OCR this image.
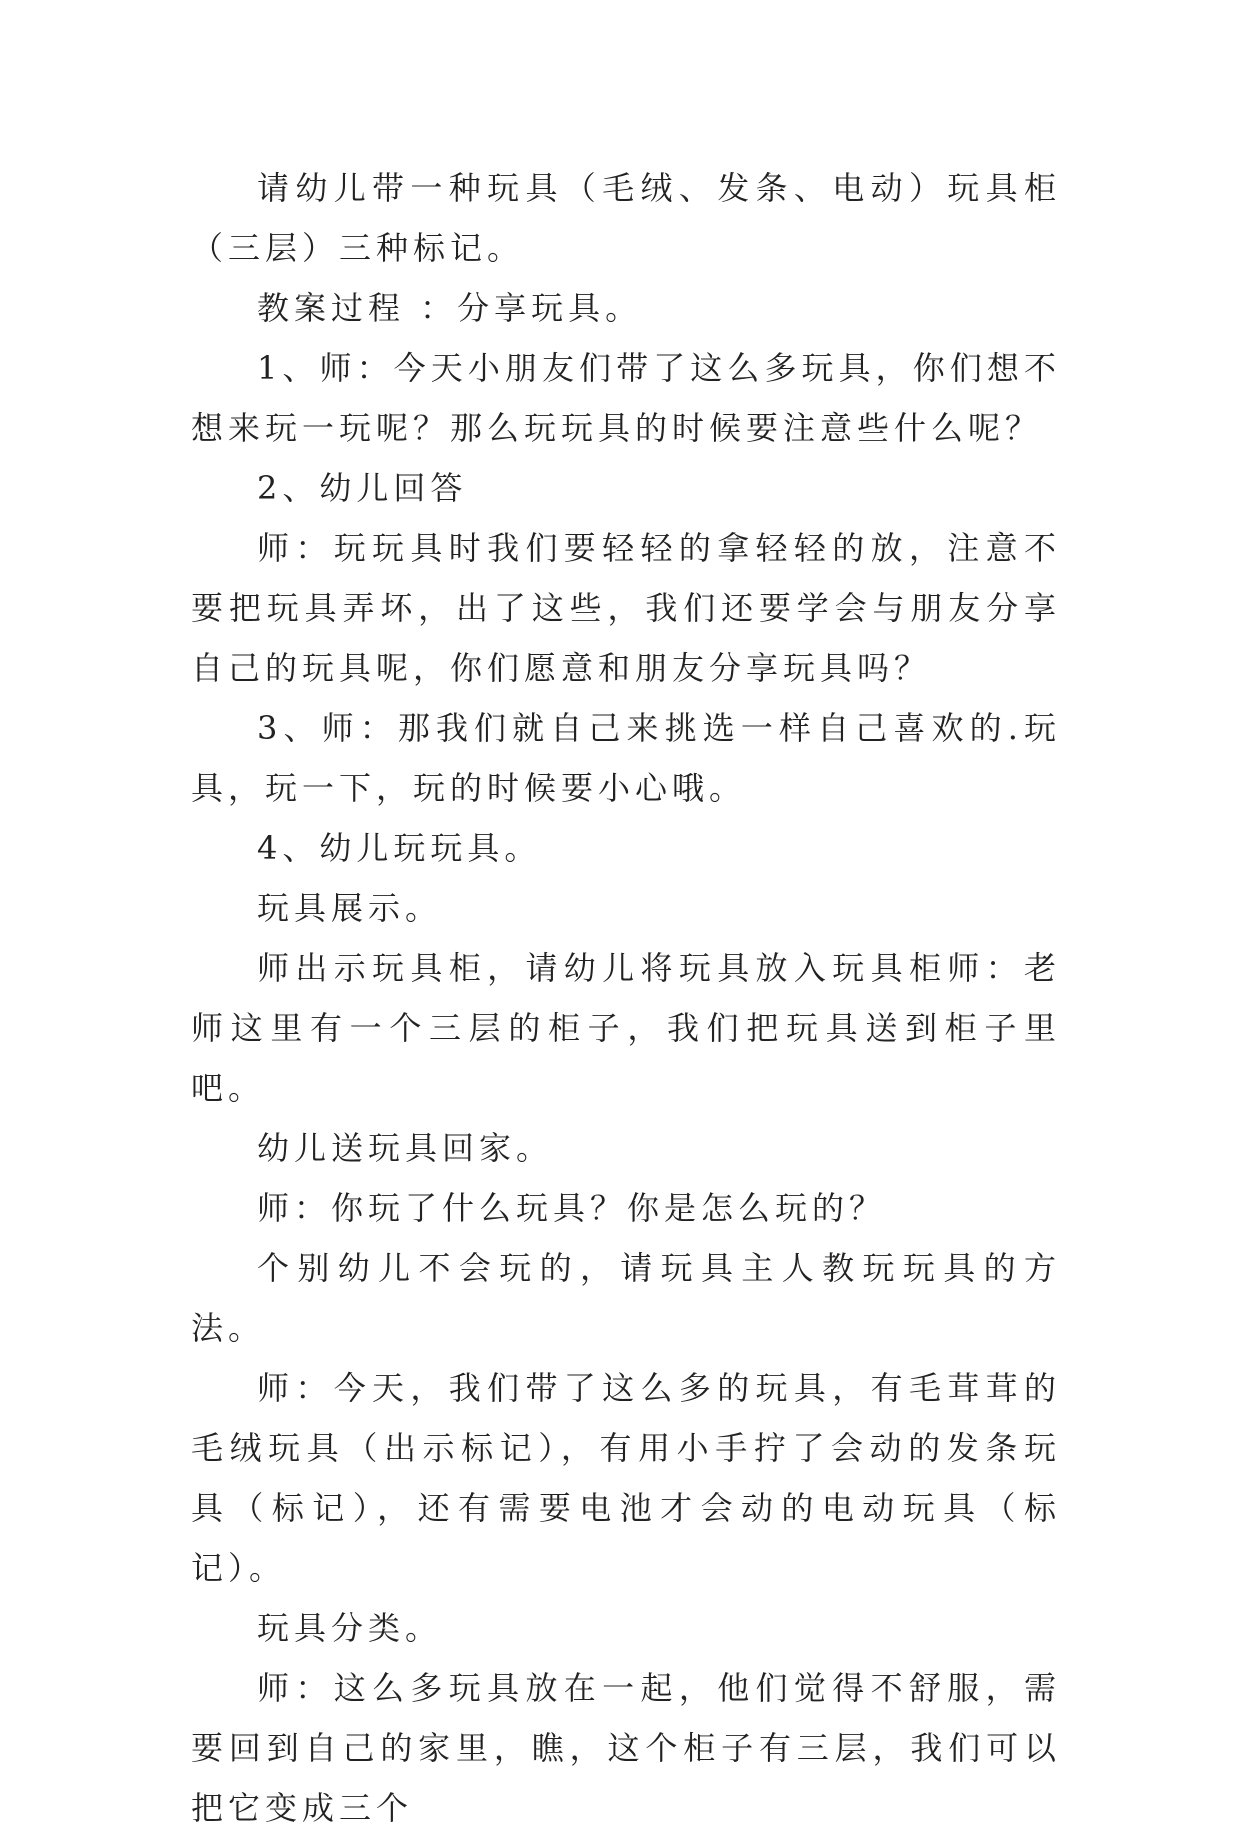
请幼儿带一种玩具（毛绒、发条、电动）玩具柜（三层）三种标记。

教案过程 ：分享玩具。

1、师：今天小朋友们带了这么多玩具，你们想不想来玩一玩呢？那么玩玩具的时候要注意些什么呢？

2、幼儿回答

师：玩玩具时我们要轻轻的拿轻轻的放，注意不要把玩具弄坏，出了这些，我们还要学会与朋友分享自己的玩具呢，你们愿意和朋友分享玩具吗？

3、师：那我们就自己来挑选一样自己喜欢的.玩具，玩一下，玩的时候要小心哦。

4、幼儿玩玩具。

玩具展示。

师出示玩具柜，请幼儿将玩具放入玩具柜师：老师这里有一个三层的柜子，我们把玩具送到柜子里吧。

幼儿送玩具回家。

师：你玩了什么玩具？你是怎么玩的？

个别幼儿不会玩的，请玩具主人教玩玩具的方法。

师：今天，我们带了这么多的玩具，有毛茸茸的毛绒玩具（出示标记），有用小手拧了会动的发条玩具（标记），还有需要电池才会动的电动玩具（标记）。

玩具分类。

师：这么多玩具放在一起，他们觉得不舒服，需要回到自己的家里，瞧，这个柜子有三层，我们可以把它变成三个
